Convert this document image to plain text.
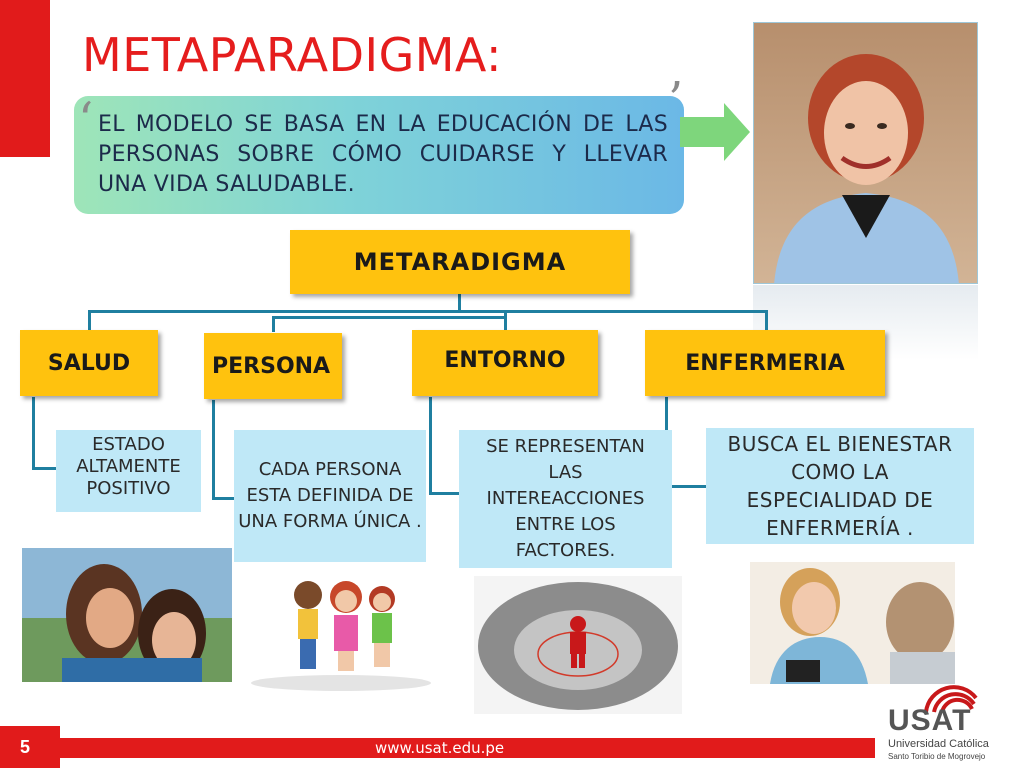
METAPARADIGMA:
‘	’
EL MODELO SE BASA EN LA EDUCACIÓN DE LAS PERSONAS SOBRE CÓMO CUIDARSE Y LLEVAR UNA VIDA SALUDABLE.
METARADIGMA
SALUD	PERSONA	ENTORNO	ENFERMERIA
ESTADO ALTAMENTE POSITIVO
CADA PERSONA ESTA DEFINIDA DE UNA FORMA ÚNICA .
SE REPRESENTAN LAS INTEREACCIONES ENTRE LOS FACTORES.
BUSCA EL BIENESTAR COMO LA ESPECIALIDAD DE ENFERMERÍA .
5	www.usat.edu.pe
USAT
Universidad Católica
Santo Toribio de Mogrovejo
